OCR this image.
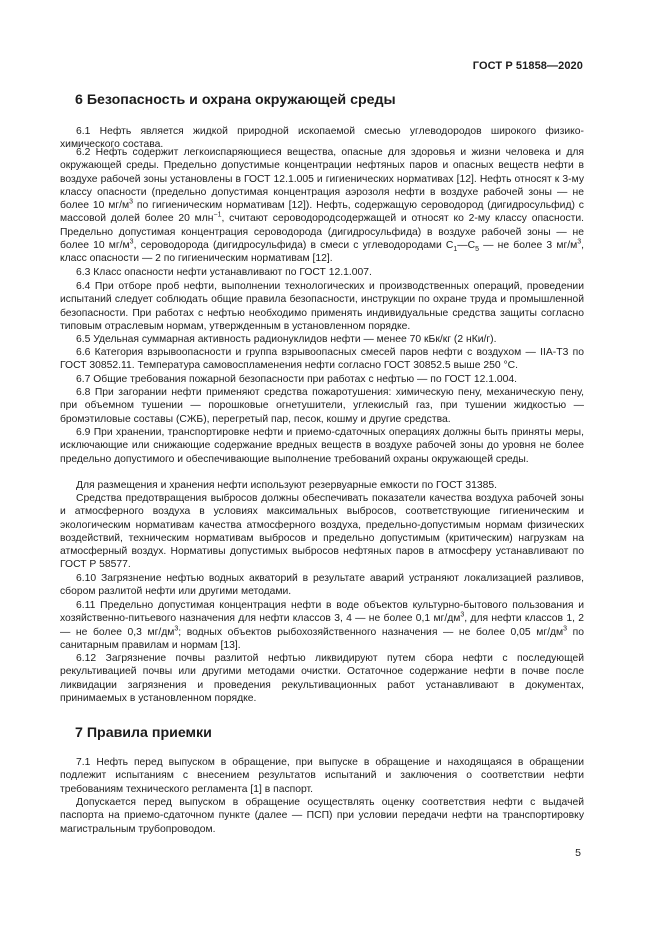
ГОСТ Р 51858—2020
6 Безопасность и охрана окружающей среды

6.1 Нефть является жидкой природной ископаемой смесью углеводородов широкого физико-химического состава.

6.2 Нефть содержит легкоиспаряющиеся вещества, опасные для здоровья и жизни человека и для окружающей среды. Предельно допустимые концентрации нефтяных паров и опасных веществ нефти в воздухе рабочей зоны установлены в ГОСТ 12.1.005 и гигиенических нормативах [12]. Нефть относят к 3-му классу опасности (предельно допустимая концентрация аэрозоля нефти в воздухе рабочей зоны — не более 10 $мг/м^3$ по гигиеническим нормативам [12]). Нефть, содержащую сероводород (дигидросульфид) с массовой долей более 20 млн$^{-1}$, считают сероводородсодержащей и относят ко 2-му классу опасности. Предельно допустимая концентрация сероводорода (дигидросульфида) в воздухе рабочей зоны — не более 10 $мг/м^3$, сероводорода (дигидросульфида) в смеси с углеводородами $С_1—С_5$ — не более 3 $мг/м^3$, класс опасности — 2 по гигиеническим нормативам [12].

6.3 Класс опасности нефти устанавливают по ГОСТ 12.1.007.

6.4 При отборе проб нефти, выполнении технологических и производственных операций, проведении испытаний следует соблюдать общие правила безопасности, инструкции по охране труда и промышленной безопасности. При работах с нефтью необходимо применять индивидуальные средства защиты согласно типовым отраслевым нормам, утвержденным в установленном порядке.

6.5 Удельная суммарная активность радионуклидов нефти — менее 70 кБк/кг (2 нКи/г).

6.6 Категория взрывоопасности и группа взрывоопасных смесей паров нефти с воздухом — IIA-Т3 по ГОСТ 30852.11. Температура самовоспламенения нефти согласно ГОСТ 30852.5 выше 250 °С.

6.7 Общие требования пожарной безопасности при работах с нефтью — по ГОСТ 12.1.004.

6.8 При загорании нефти применяют средства пожаротушения: химическую пену, механическую пену, при объемном тушении — порошковые огнетушители, углекислый газ, при тушении жидкостью — бромэтиловые составы (СЖБ), перегретый пар, песок, кошму и другие средства.

6.9 При хранении, транспортировке нефти и приемо-сдаточных операциях должны быть приняты меры, исключающие или снижающие содержание вредных веществ в воздухе рабочей зоны до уровня не более предельно допустимого и обеспечивающие выполнение требований охраны окружающей среды.

Для размещения и хранения нефти используют резервуарные емкости по ГОСТ 31385.

Средства предотвращения выбросов должны обеспечивать показатели качества воздуха рабочей зоны и атмосферного воздуха в условиях максимальных выбросов, соответствующие гигиеническим и экологическим нормативам качества атмосферного воздуха, предельно-допустимым нормам физических воздействий, техническим нормативам выбросов и предельно допустимым (критическим) нагрузкам на атмосферный воздух. Нормативы допустимых выбросов нефтяных паров в атмосферу устанавливают по ГОСТ Р 58577.

6.10 Загрязнение нефтью водных акваторий в результате аварий устраняют локализацией разливов, сбором разлитой нефти или другими методами.

6.11 Предельно допустимая концентрация нефти в воде объектов культурно-бытового пользования и хозяйственно-питьевого назначения для нефти классов 3, 4 — не более 0,1 $мг/дм^3$, для нефти классов 1, 2 — не более 0,3 $мг/дм^3$; водных объектов рыбохозяйственного назначения — не более 0,05 $мг/дм^3$ по санитарным правилам и нормам [13].

6.12 Загрязнение почвы разлитой нефтью ликвидируют путем сбора нефти с последующей рекультивацией почвы или другими методами очистки. Остаточное содержание нефти в почве после ликвидации загрязнения и проведения рекультивационных работ устанавливают в документах, принимаемых в установленном порядке.

7 Правила приемки

7.1 Нефть перед выпуском в обращение, при выпуске в обращение и находящаяся в обращении подлежит испытаниям с внесением результатов испытаний и заключения о соответствии нефти требованиям технического регламента [1] в паспорт.

Допускается перед выпуском в обращение осуществлять оценку соответствия нефти с выдачей паспорта на приемо-сдаточном пункте (далее — ПСП) при условии передачи нефти на транспортировку магистральным трубопроводом.

5
